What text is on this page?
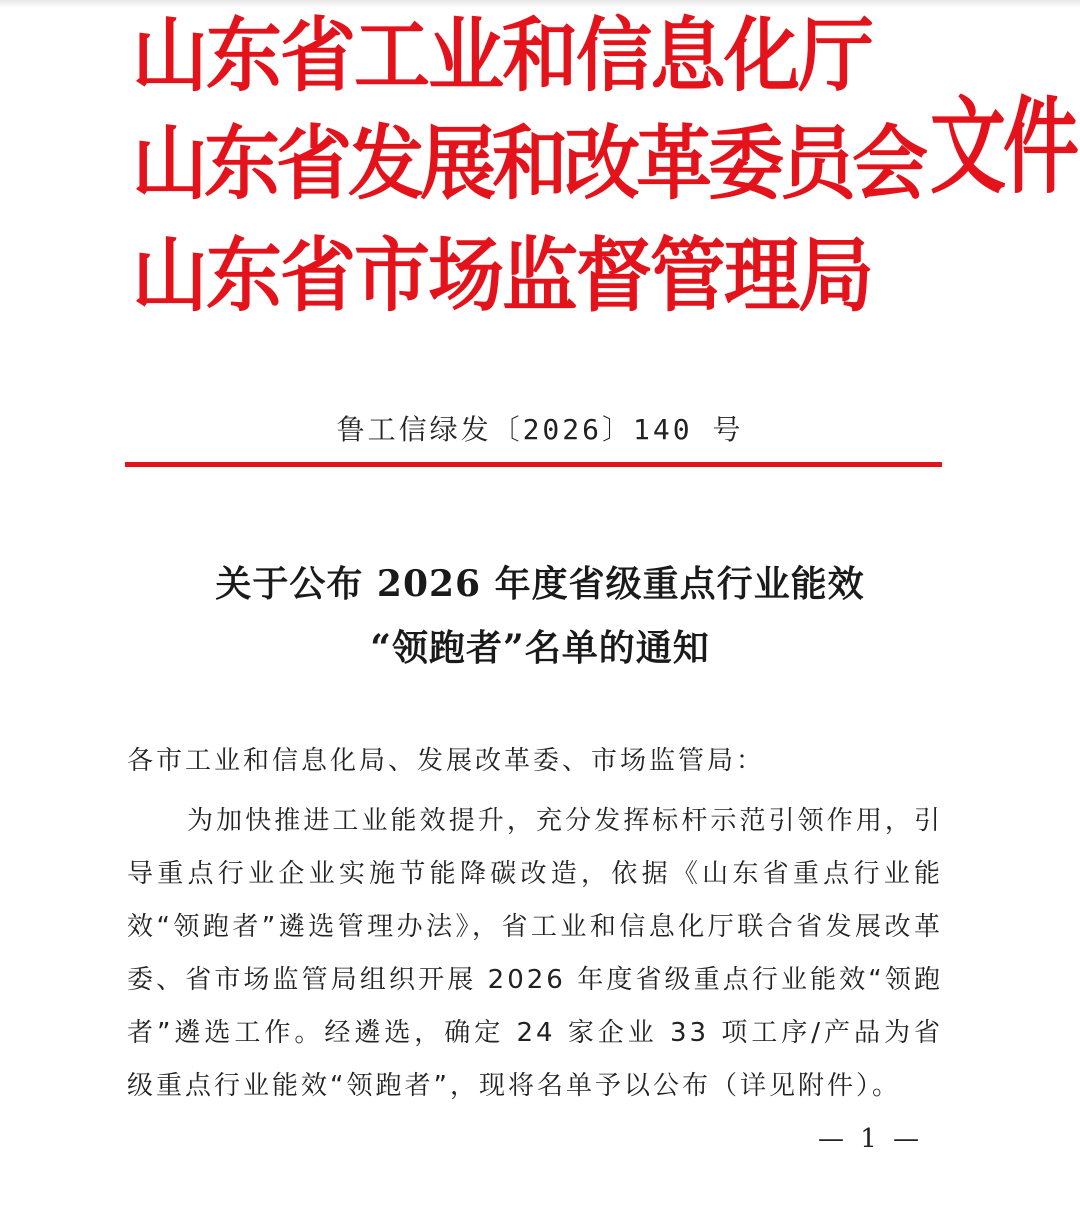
山东省工业和信息化厅
山东省发展和改革委员会文件
山东省市场监督管理局
鲁工信绿发〔2026〕140 号
关于公布 2026 年度省级重点行业能效
“领跑者”名单的通知
各市工业和信息化局、发展改革委、市场监管局：
为加快推进工业能效提升，充分发挥标杆示范引领作用，引导重点行业企业实施节能降碳改造，依据《山东省重点行业能效“领跑者”遴选管理办法》，省工业和信息化厅联合省发展改革委、省市场监管局组织开展 2026 年度省级重点行业能效“领跑者”遴选工作。经遴选，确定 24 家企业 33 项工序/产品为省级重点行业能效“领跑者”，现将名单予以公布（详见附件）。
— 1 —
